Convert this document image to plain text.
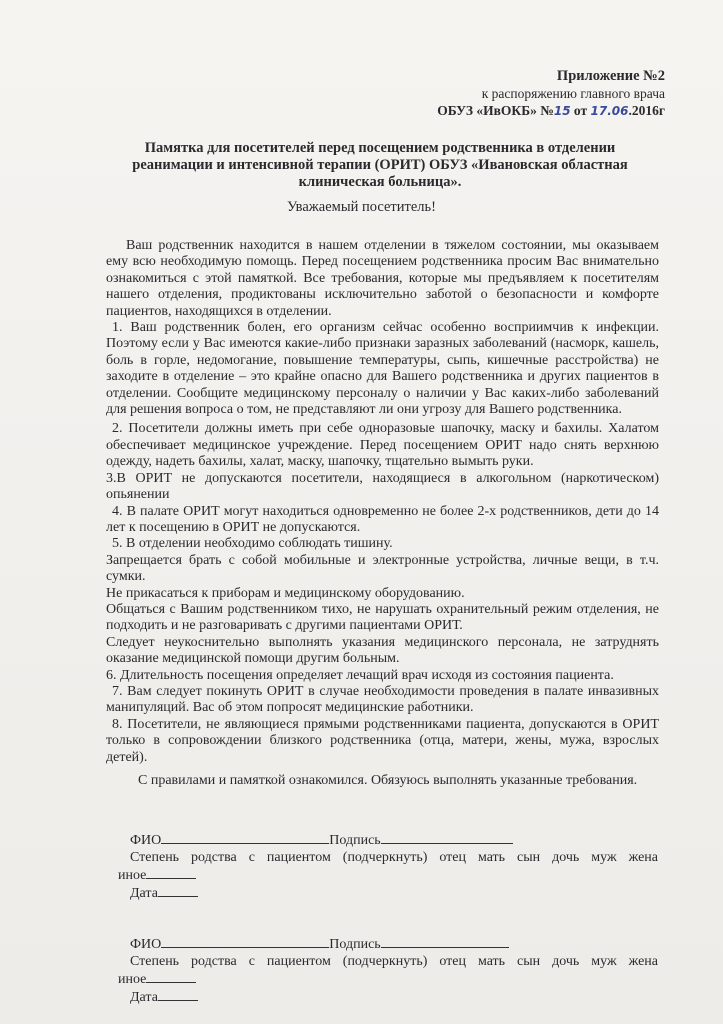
Приложение №2
к распоряжению главного врача
ОБУЗ «ИвОКБ» №15 от 17.06.2016г
Памятка для посетителей перед посещением родственника в отделении реанимации и интенсивной терапии (ОРИТ) ОБУЗ «Ивановская областная клиническая больница».
Уважаемый посетитель!

Ваш родственник находится в нашем отделении в тяжелом состоянии, мы оказываем ему всю необходимую помощь. Перед посещением родственника просим Вас внимательно ознакомиться с этой памяткой. Все требования, которые мы предъявляем к посетителям нашего отделения, продиктованы исключительно заботой о безопасности и комфорте пациентов, находящихся в отделении.

1. Ваш родственник болен, его организм сейчас особенно восприимчив к инфекции. Поэтому если у Вас имеются какие-либо признаки заразных заболеваний (насморк, кашель, боль в горле, недомогание, повышение температуры, сыпь, кишечные расстройства) не заходите в отделение – это крайне опасно для Вашего родственника и других пациентов в отделении. Сообщите медицинскому персоналу о наличии у Вас каких-либо заболеваний для решения вопроса о том, не представляют ли они угрозу для Вашего родственника.

2. Посетители должны иметь при себе одноразовые шапочку, маску и бахилы. Халатом обеспечивает медицинское учреждение. Перед посещением ОРИТ надо снять верхнюю одежду, надеть бахилы, халат, маску, шапочку, тщательно вымыть руки.

3.В ОРИТ не допускаются посетители, находящиеся в алкогольном (наркотическом) опьянении

4. В палате ОРИТ могут находиться одновременно не более 2-х родственников, дети до 14 лет к посещению в ОРИТ не допускаются.

5. В отделении необходимо соблюдать тишину.

Запрещается брать с собой мобильные и электронные устройства, личные вещи, в т.ч. сумки.

Не прикасаться к приборам и медицинскому оборудованию.

Общаться с Вашим родственником тихо, не нарушать охранительный режим отделения, не подходить и не разговаривать с другими пациентами ОРИТ.

Следует неукоснительно выполнять указания медицинского персонала, не затруднять оказание медицинской помощи другим больным.

6. Длительность посещения определяет лечащий врач исходя из состояния пациента.

7. Вам следует покинуть ОРИТ в случае необходимости проведения в палате инвазивных манипуляций. Вас об этом попросят медицинские работники.

8. Посетители, не являющиеся прямыми родственниками пациента, допускаются в ОРИТ только в сопровождении близкого родственника (отца, матери, жены, мужа, взрослых детей).

С правилами и памяткой ознакомился. Обязуюсь выполнять указанные требования.
ФИО	Подпись
Степень родства с пациентом (подчеркнуть) отец мать сын дочь муж жена
иное
Дата
ФИО	Подпись
Степень родства с пациентом (подчеркнуть) отец мать сын дочь муж жена
иное
Дата
